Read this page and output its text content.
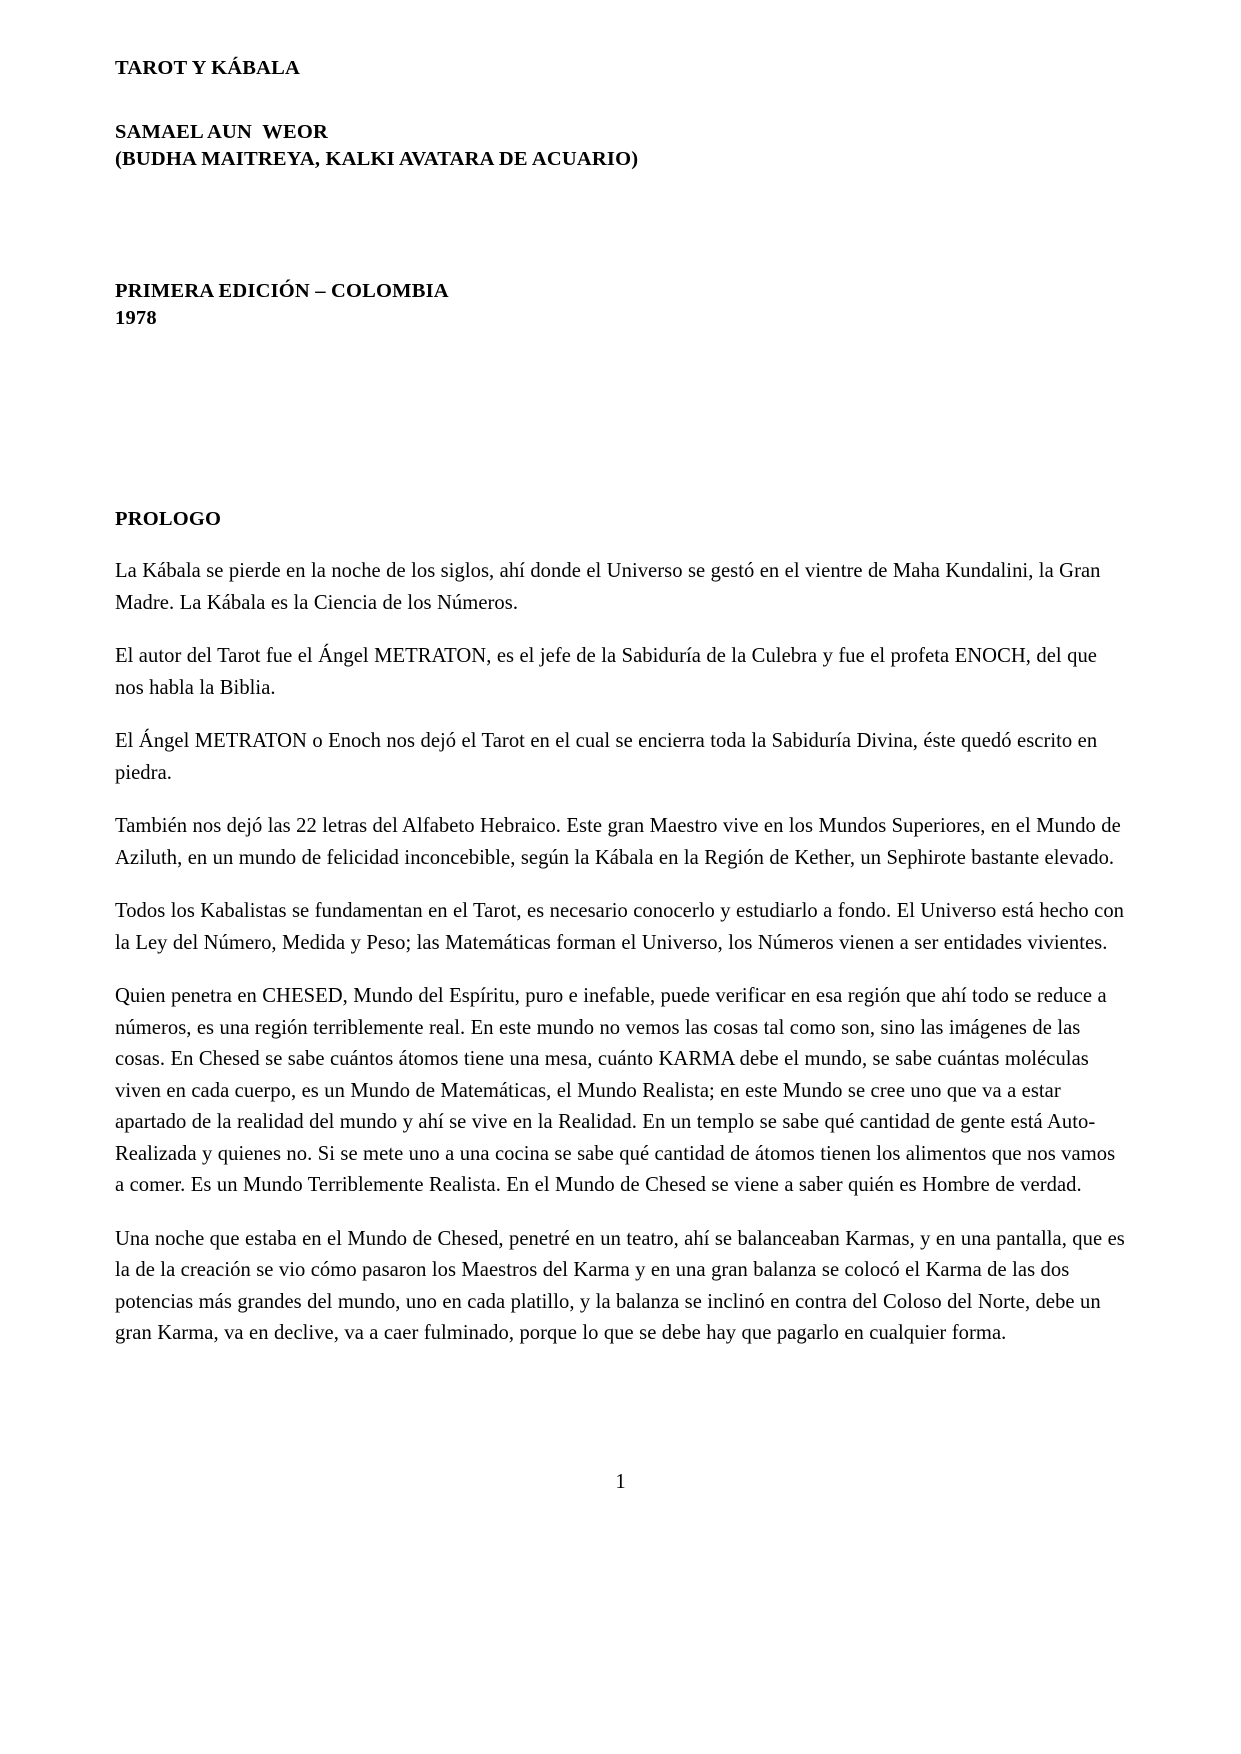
TAROT Y KÁBALA
SAMAEL AUN  WEOR
(BUDHA MAITREYA, KALKI AVATARA DE ACUARIO)
PRIMERA EDICIÓN – COLOMBIA
1978
PROLOGO

La Kábala se pierde en la noche de los siglos, ahí donde el Universo se gestó en el vientre de Maha Kundalini, la Gran Madre. La Kábala es la Ciencia de los Números.

El autor del Tarot fue el Ángel METRATON, es el jefe de la Sabiduría de la Culebra y fue el profeta ENOCH, del que nos habla la Biblia.

El Ángel METRATON o Enoch nos dejó el Tarot en el cual se encierra toda la Sabiduría Divina, éste quedó escrito en piedra.

También nos dejó las 22 letras del Alfabeto Hebraico. Este gran Maestro vive en los Mundos Superiores, en el Mundo de Aziluth, en un mundo de felicidad inconcebible, según la Kábala en la Región de Kether, un Sephirote bastante elevado.

Todos los Kabalistas se fundamentan en el Tarot, es necesario conocerlo y estudiarlo a fondo. El Universo está hecho con la Ley del Número, Medida y Peso; las Matemáticas forman el Universo, los Números vienen a ser entidades vivientes.

Quien penetra en CHESED, Mundo del Espíritu, puro e inefable, puede verificar en esa región que ahí todo se reduce a números, es una región terriblemente real. En este mundo no vemos las cosas tal como son, sino las imágenes de las cosas. En Chesed se sabe cuántos átomos tiene una mesa, cuánto KARMA debe el mundo, se sabe cuántas moléculas viven en cada cuerpo, es un Mundo de Matemáticas, el Mundo Realista; en este Mundo se cree uno que va a estar apartado de la realidad del mundo y ahí se vive en la Realidad. En un templo se sabe qué cantidad de gente está Auto-Realizada y quienes no. Si se mete uno a una cocina se sabe qué cantidad de átomos tienen los alimentos que nos vamos a comer. Es un Mundo Terriblemente Realista. En el Mundo de Chesed se viene a saber quién es Hombre de verdad.

Una noche que estaba en el Mundo de Chesed, penetré en un teatro, ahí se balanceaban Karmas, y en una pantalla, que es la de la creación se vio cómo pasaron los Maestros del Karma y en una gran balanza se colocó el Karma de las dos potencias más grandes del mundo, uno en cada platillo, y la balanza se inclinó en contra del Coloso del Norte, debe un gran Karma, va en declive, va a caer fulminado, porque lo que se debe hay que pagarlo en cualquier forma.

1
